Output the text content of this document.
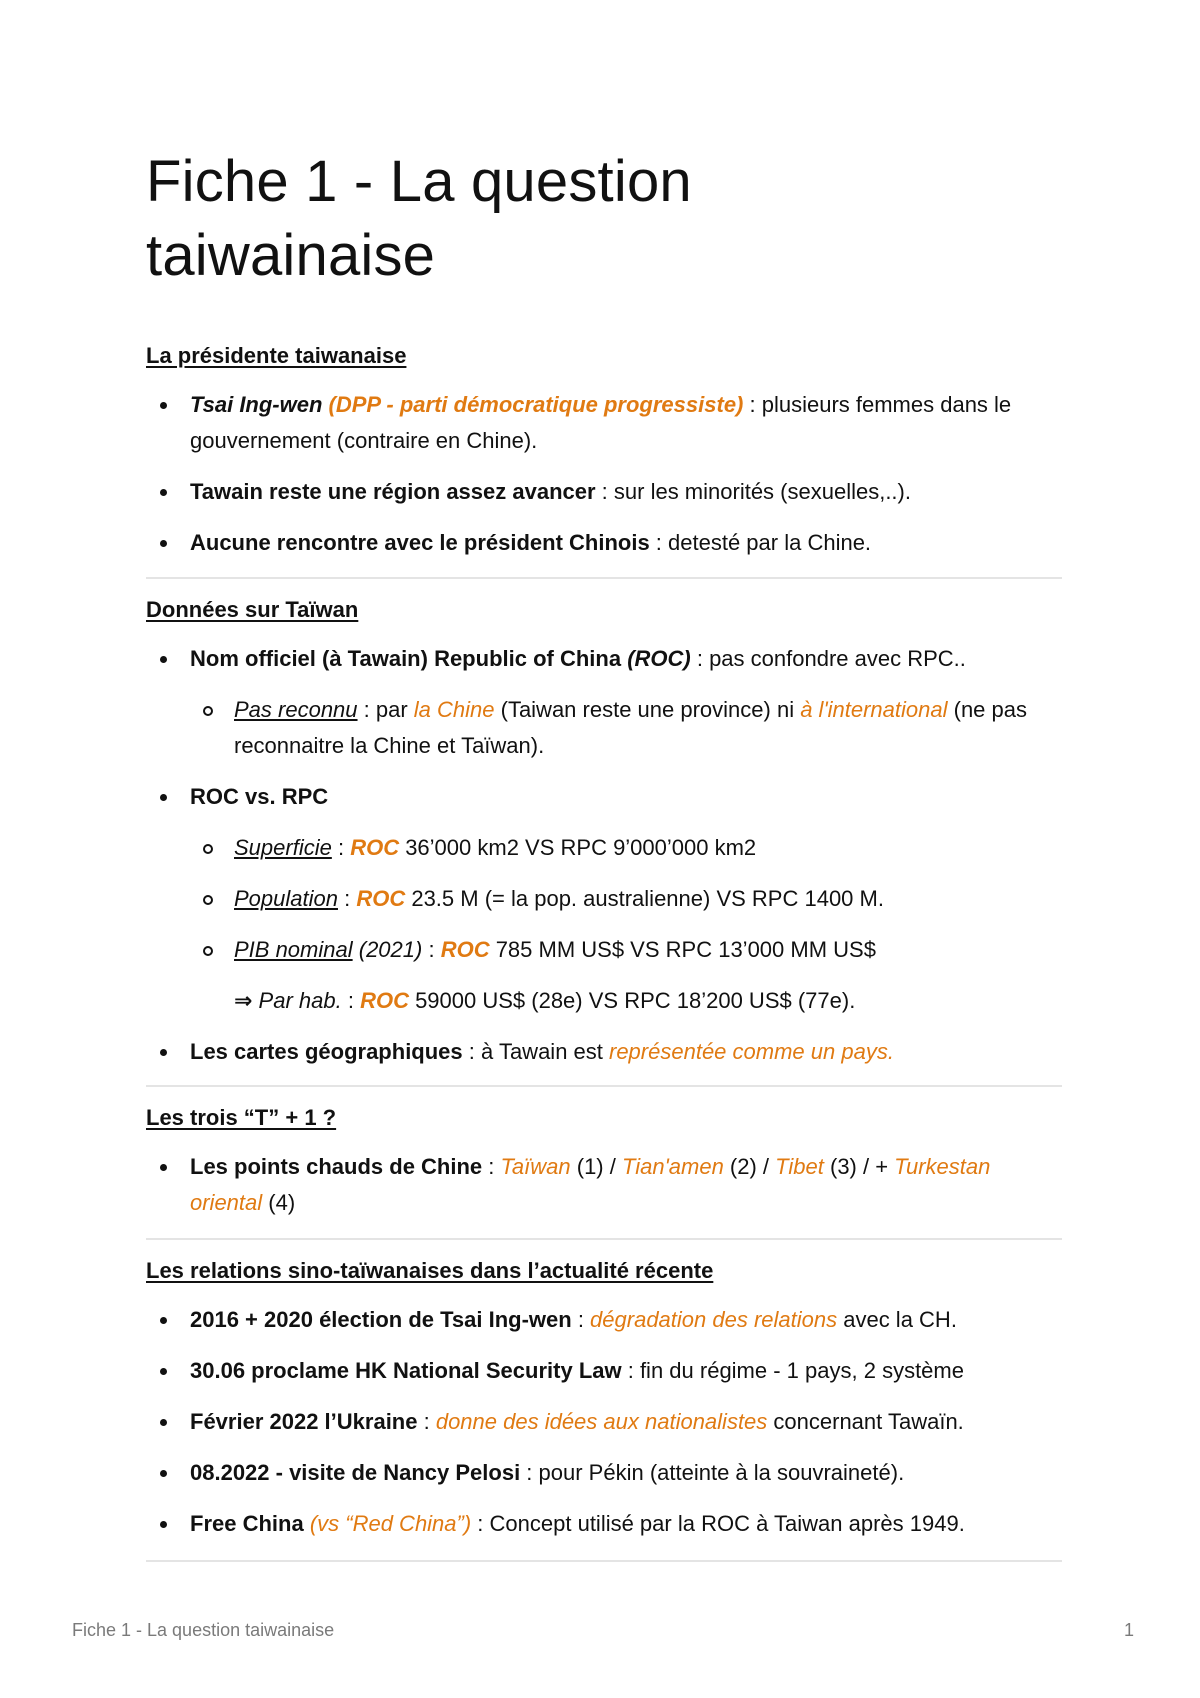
Fiche 1 - La question taiwainaise

La présidente taiwanaise

Tsai Ing-wen (DPP - parti démocratique progressiste) : plusieurs femmes dans le gouvernement (contraire en Chine).
Tawain reste une région assez avancer : sur les minorités (sexuelles,..).
Aucune rencontre avec le président Chinois : detesté par la Chine.

Données sur Taïwan

Nom officiel (à Tawain) Republic of China (ROC) : pas confondre avec RPC..
Pas reconnu : par la Chine (Taiwan reste une province) ni à l'international (ne pas reconnaitre la Chine et Taïwan).
ROC vs. RPC
Superficie : ROC 36’000 km2 VS RPC 9’000’000 km2
Population : ROC 23.5 M (= la pop. australienne) VS RPC 1400 M.
PIB nominal (2021) : ROC 785 MM US$ VS RPC 13’000 MM US$
⇒ Par hab. : ROC 59000 US$ (28e) VS RPC 18’200 US$ (77e).
Les cartes géographiques : à Tawain est représentée comme un pays.

Les trois “T” + 1 ?

Les points chauds de Chine : Taïwan (1) / Tian'amen (2) / Tibet (3) / + Turkestan oriental (4)

Les relations sino-taïwanaises dans l’actualité récente

2016 + 2020 élection de Tsai Ing-wen : dégradation des relations avec la CH.
30.06 proclame HK National Security Law : fin du régime - 1 pays, 2 système
Février 2022 l’Ukraine : donne des idées aux nationalistes concernant Tawaïn.
08.2022 - visite de Nancy Pelosi : pour Pékin (atteinte à la souvraineté).
Free China (vs “Red China”) : Concept utilisé par la ROC à Taiwan après 1949.
Fiche 1 - La question taiwainaise	1
